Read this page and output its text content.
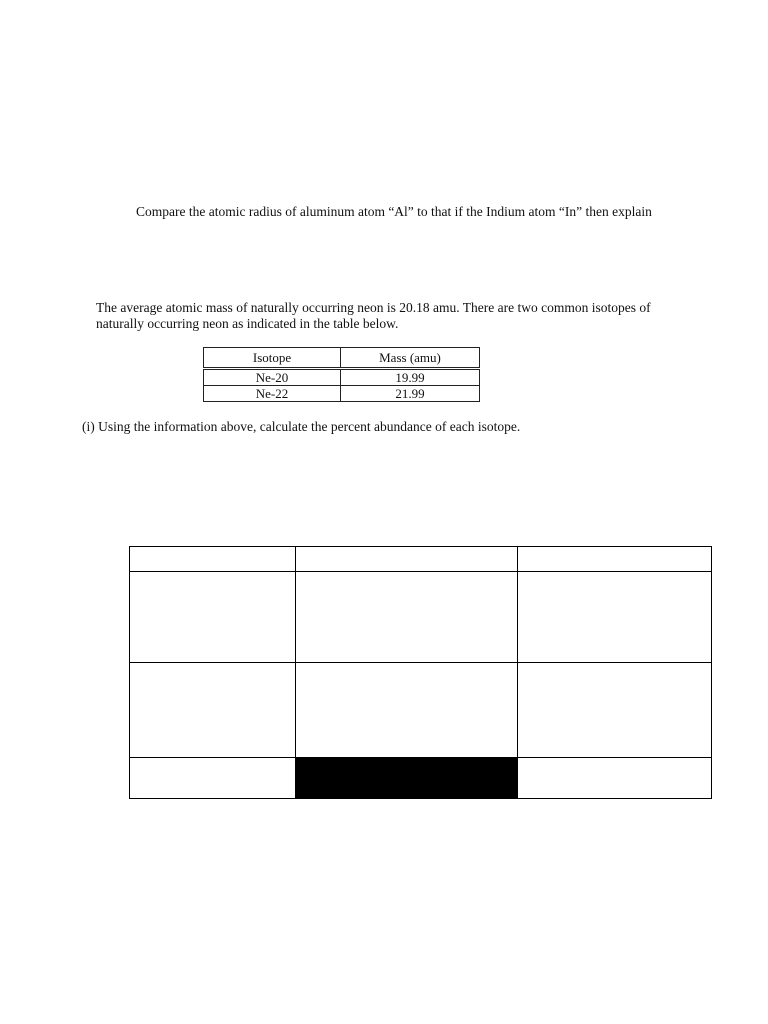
Compare the atomic radius of aluminum atom “Al” to that if the Indium atom “In” then explain
The average atomic mass of naturally occurring neon is 20.18 amu. There are two common isotopes of naturally occurring neon as indicated in the table below.
Isotope	Mass (amu)
Ne-20	19.99
Ne-22	21.99
(i) Using the information above, calculate the percent abundance of each isotope.
